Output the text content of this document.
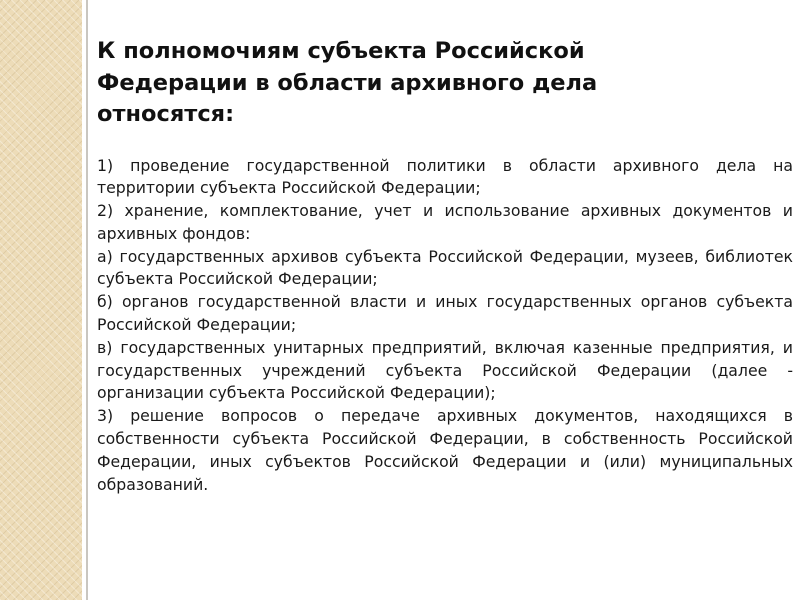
К полномочиям субъекта Российской
Федерации в области архивного дела
относятся:

1) проведение государственной политики в области архивного дела на территории субъекта Российской Федерации;

2) хранение, комплектование, учет и использование архивных документов и архивных фондов:

а) государственных архивов субъекта Российской Федерации, музеев, библиотек субъекта Российской Федерации;

б) органов государственной власти и иных государственных органов субъекта Российской Федерации;

в) государственных унитарных предприятий, включая казенные предприятия, и государственных учреждений субъекта Российской Федерации (далее - организации субъекта Российской Федерации);

3) решение вопросов о передаче архивных документов, находящихся в собственности субъекта Российской Федерации, в собственность Российской Федерации, иных субъектов Российской Федерации и (или) муниципальных образований.
